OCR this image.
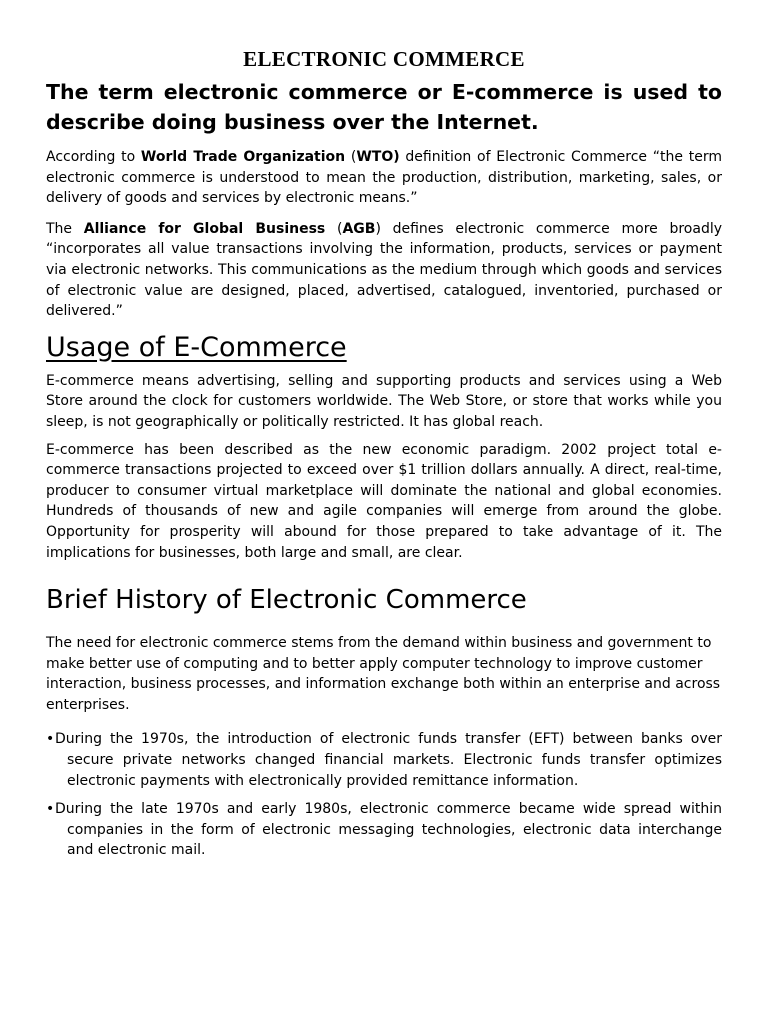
ELECTRONIC COMMERCE
The term electronic commerce or E-commerce is used to describe doing business over the Internet.

According to World Trade Organization (WTO) definition of Electronic Commerce “the term electronic commerce is understood to mean the production, distribution, marketing, sales, or delivery of goods and services by electronic means.”

The Alliance for Global Business (AGB) defines electronic commerce more broadly “incorporates all value transactions involving the information, products, services or payment via electronic networks. This communications as the medium through which goods and services of electronic value are designed, placed, advertised, catalogued, inventoried, purchased or delivered.”

Usage of E-Commerce

E-commerce means advertising, selling and supporting products and services using a Web Store around the clock for customers worldwide. The Web Store, or store that works while you sleep, is not geographically or politically restricted. It has global reach.

E-commerce has been described as the new economic paradigm. 2002 project total e-commerce transactions projected to exceed over $1 trillion dollars annually. A direct, real-time, producer to consumer virtual marketplace will dominate the national and global economies. Hundreds of thousands of new and agile companies will emerge from around the globe. Opportunity for prosperity will abound for those prepared to take advantage of it. The implications for businesses, both large and small, are clear.

Brief History of Electronic Commerce

The need for electronic commerce stems from the demand within business and government to make better use of computing and to better apply computer technology to improve customer interaction, business processes, and information exchange both within an enterprise and across enterprises.

•During the 1970s, the introduction of electronic funds transfer (EFT) between banks over secure private networks changed financial markets. Electronic funds transfer optimizes electronic payments with electronically provided remittance information.

•During the late 1970s and early 1980s, electronic commerce became wide spread within companies in the form of electronic messaging technologies, electronic data interchange and electronic mail.
